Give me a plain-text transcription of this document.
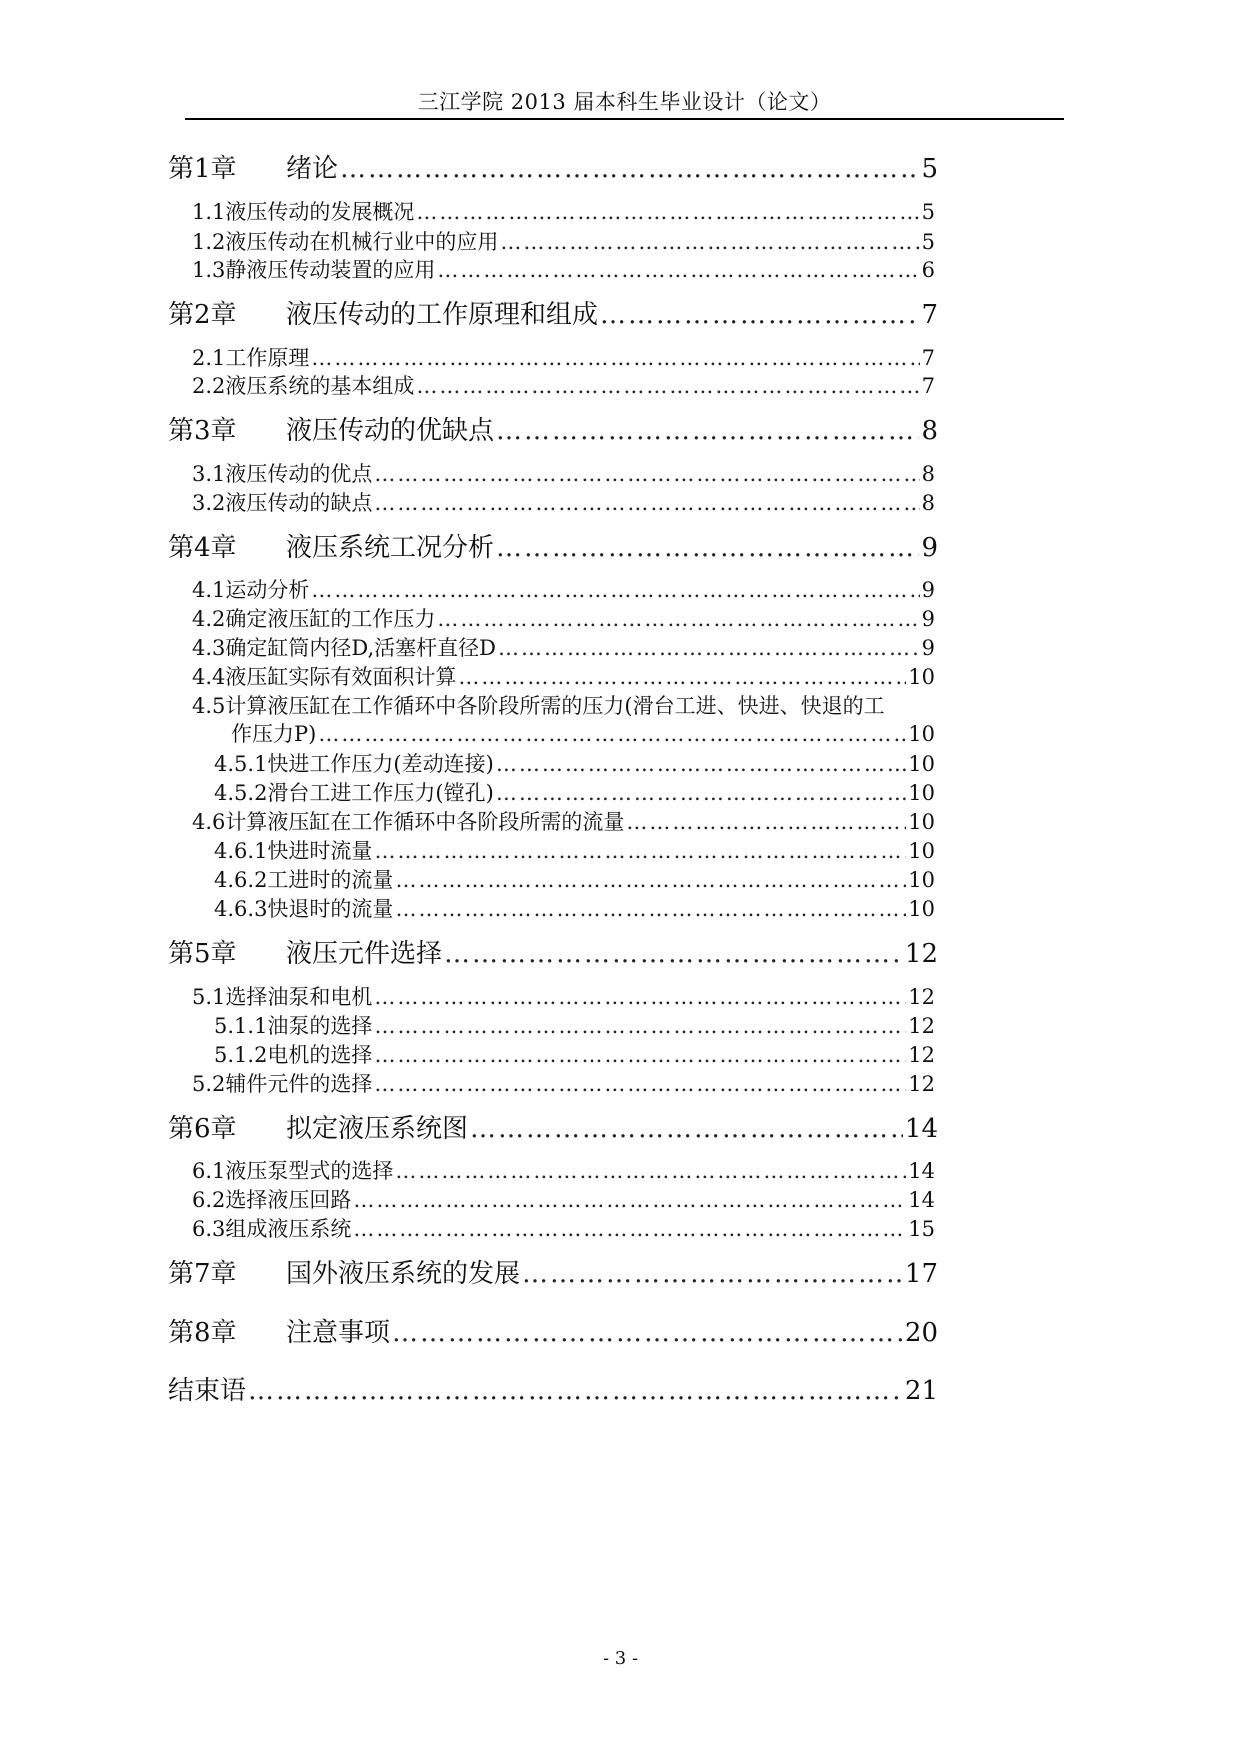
三江学院 2013 届本科生毕业设计（论文）
第1章	绪论 …………………………………………………………………………………………………………………………………………………………………………	5
1.1液压传动的发展概况 …………………………………………………………………………………………………………………………………………………………………………	5
1.2液压传动在机械行业中的应用 …………………………………………………………………………………………………………………………………………………………………………	5
1.3静液压传动装置的应用 …………………………………………………………………………………………………………………………………………………………………………	6
第2章	液压传动的工作原理和组成 …………………………………………………………………………………………………………………………………………………………………………	7
2.1工作原理 …………………………………………………………………………………………………………………………………………………………………………	7
2.2液压系统的基本组成 …………………………………………………………………………………………………………………………………………………………………………	7
第3章	液压传动的优缺点 …………………………………………………………………………………………………………………………………………………………………………	8
3.1液压传动的优点 …………………………………………………………………………………………………………………………………………………………………………	8
3.2液压传动的缺点 …………………………………………………………………………………………………………………………………………………………………………	8
第4章	液压系统工况分析 …………………………………………………………………………………………………………………………………………………………………………	9
4.1运动分析 …………………………………………………………………………………………………………………………………………………………………………	9
4.2确定液压缸的工作压力 …………………………………………………………………………………………………………………………………………………………………………	9
4.3确定缸筒内径D,活塞杆直径D …………………………………………………………………………………………………………………………………………………………………………	9
4.4液压缸实际有效面积计算 …………………………………………………………………………………………………………………………………………………………………………	10
4.5计算液压缸在工作循环中各阶段所需的压力(滑台工进、快进、快退的工
作压力P) …………………………………………………………………………………………………………………………………………………………………………	10
4.5.1快进工作压力(差动连接) …………………………………………………………………………………………………………………………………………………………………………	10
4.5.2滑台工进工作压力(镗孔) …………………………………………………………………………………………………………………………………………………………………………	10
4.6计算液压缸在工作循环中各阶段所需的流量 …………………………………………………………………………………………………………………………………………………………………………	10
4.6.1快进时流量 …………………………………………………………………………………………………………………………………………………………………………	10
4.6.2工进时的流量 …………………………………………………………………………………………………………………………………………………………………………	10
4.6.3快退时的流量 …………………………………………………………………………………………………………………………………………………………………………	10
第5章	液压元件选择 …………………………………………………………………………………………………………………………………………………………………………	12
5.1选择油泵和电机 …………………………………………………………………………………………………………………………………………………………………………	12
5.1.1油泵的选择 …………………………………………………………………………………………………………………………………………………………………………	12
5.1.2电机的选择 …………………………………………………………………………………………………………………………………………………………………………	12
5.2辅件元件的选择 …………………………………………………………………………………………………………………………………………………………………………	12
第6章	拟定液压系统图 …………………………………………………………………………………………………………………………………………………………………………	14
6.1液压泵型式的选择 …………………………………………………………………………………………………………………………………………………………………………	14
6.2选择液压回路 …………………………………………………………………………………………………………………………………………………………………………	14
6.3组成液压系统 …………………………………………………………………………………………………………………………………………………………………………	15
第7章	国外液压系统的发展 …………………………………………………………………………………………………………………………………………………………………………	17
第8章	注意事项 …………………………………………………………………………………………………………………………………………………………………………	20
结束语 …………………………………………………………………………………………………………………………………………………………………………	21
- 3 -
